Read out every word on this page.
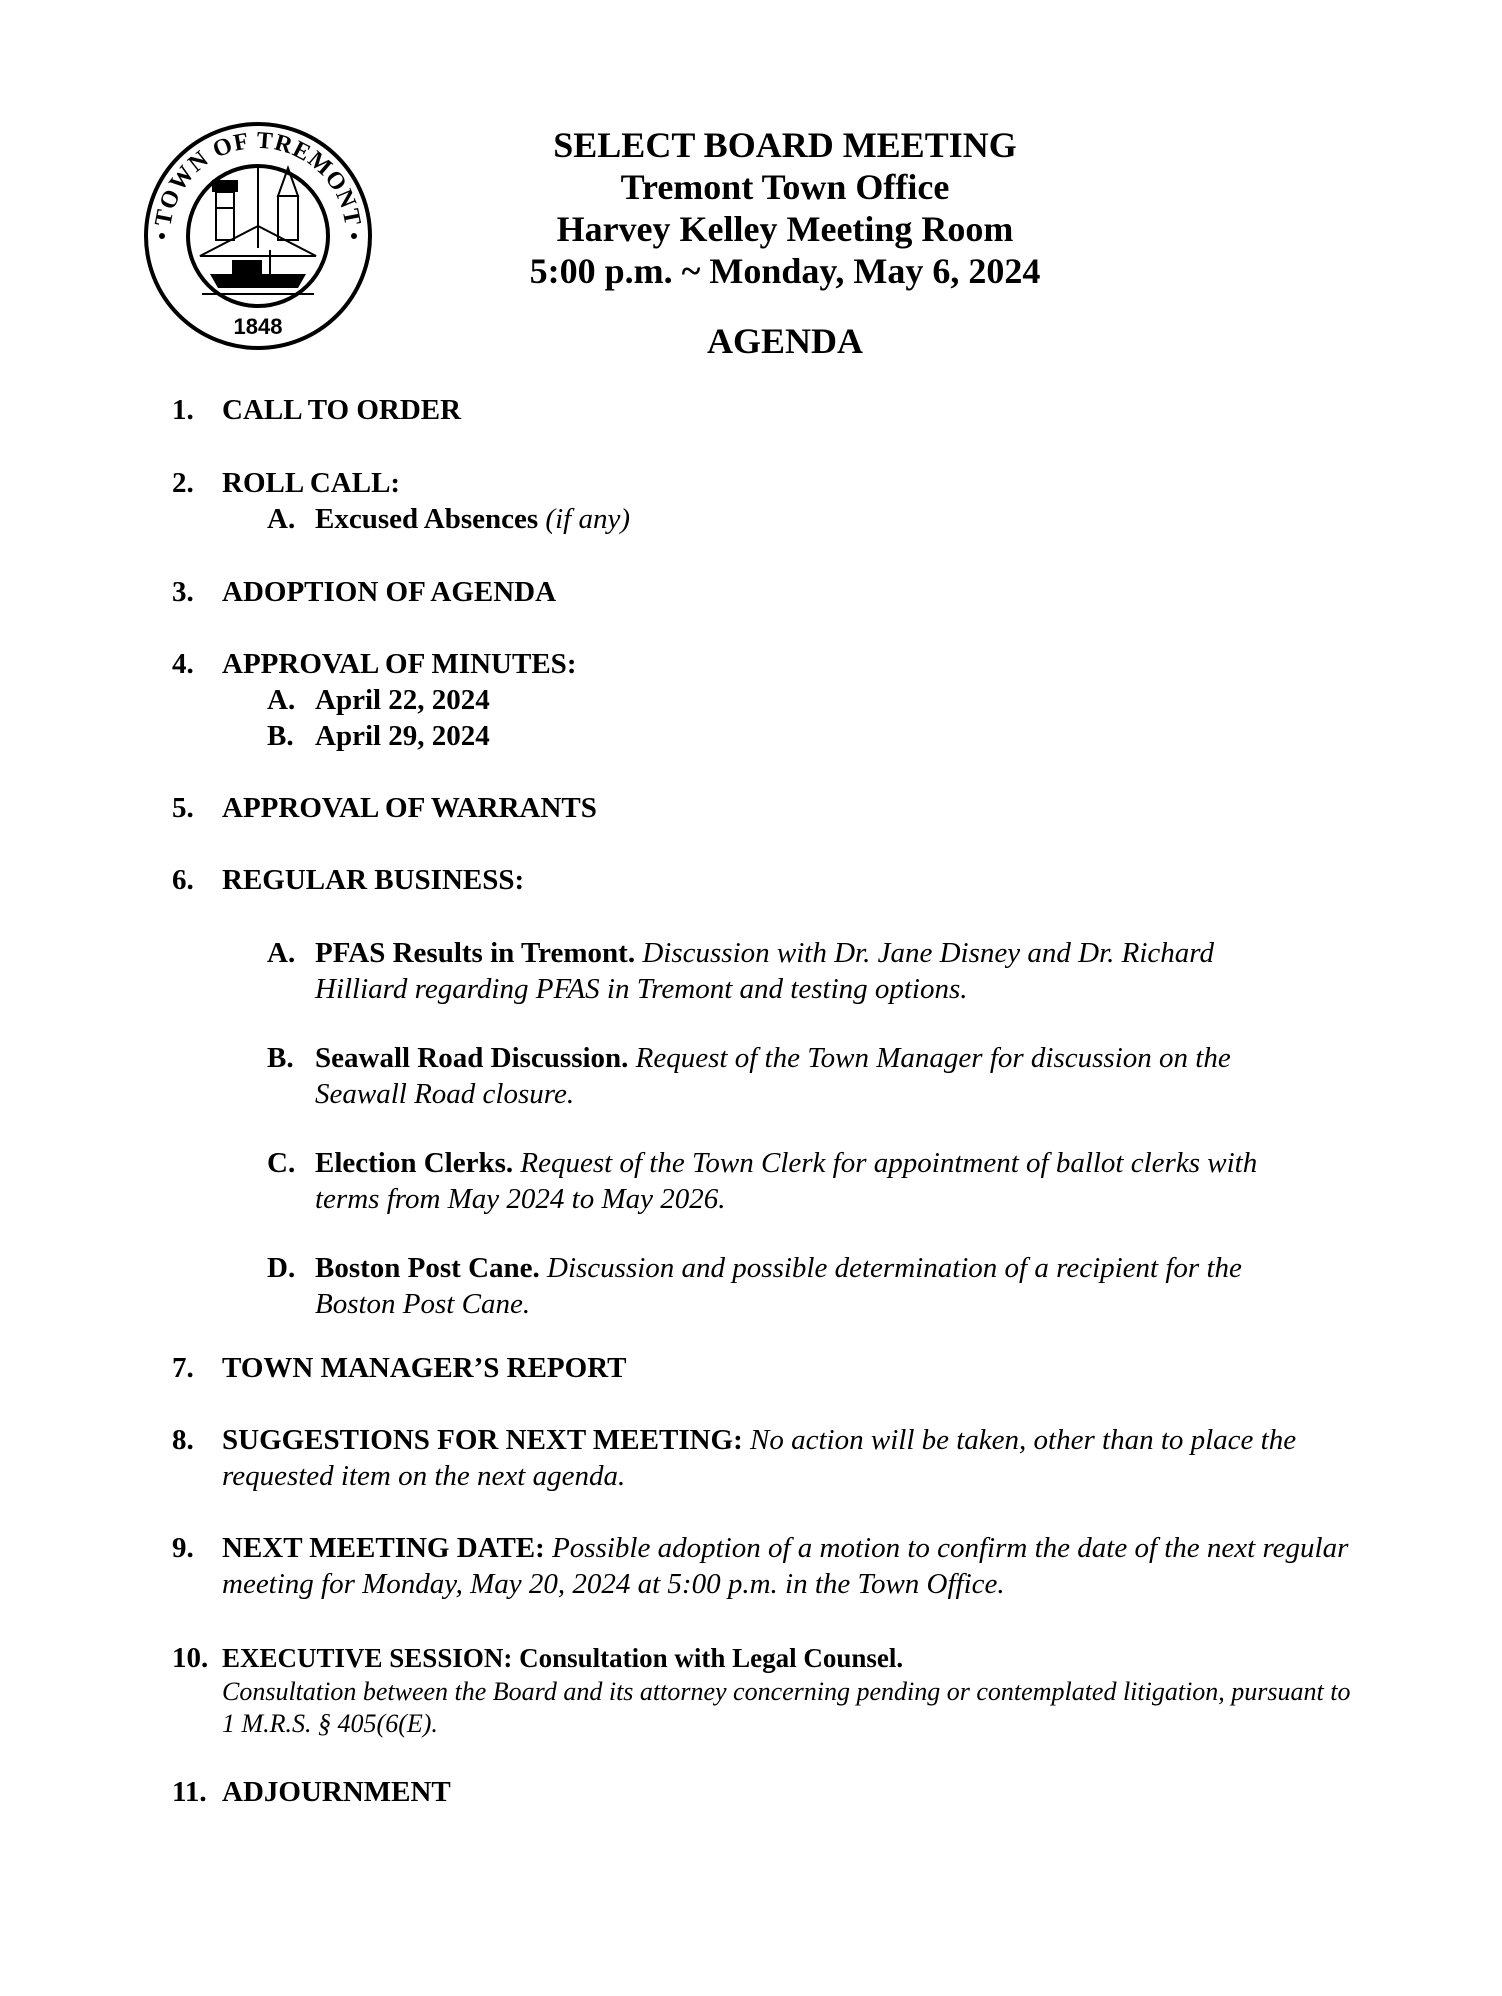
TOWN OF TREMONT
1848
SELECT BOARD MEETING
Tremont Town Office
Harvey Kelley Meeting Room
5:00 p.m. ~ Monday, May 6, 2024
AGENDA
1. CALL TO ORDER
2. ROLL CALL:
A. Excused Absences (if any)
3. ADOPTION OF AGENDA
4. APPROVAL OF MINUTES:
A. April 22, 2024
B. April 29, 2024
5. APPROVAL OF WARRANTS
6. REGULAR BUSINESS:
A. PFAS Results in Tremont. Discussion with Dr. Jane Disney and Dr. Richard Hilliard regarding PFAS in Tremont and testing options.
B. Seawall Road Discussion. Request of the Town Manager for discussion on the Seawall Road closure.
C. Election Clerks. Request of the Town Clerk for appointment of ballot clerks with terms from May 2024 to May 2026.
D. Boston Post Cane. Discussion and possible determination of a recipient for the Boston Post Cane.
7. TOWN MANAGER’S REPORT
8. SUGGESTIONS FOR NEXT MEETING: No action will be taken, other than to place the requested item on the next agenda.
9. NEXT MEETING DATE: Possible adoption of a motion to confirm the date of the next regular meeting for Monday, May 20, 2024 at 5:00 p.m. in the Town Office.
10. EXECUTIVE SESSION: Consultation with Legal Counsel.
Consultation between the Board and its attorney concerning pending or contemplated litigation, pursuant to 1 M.R.S. § 405(6(E).
11. ADJOURNMENT
